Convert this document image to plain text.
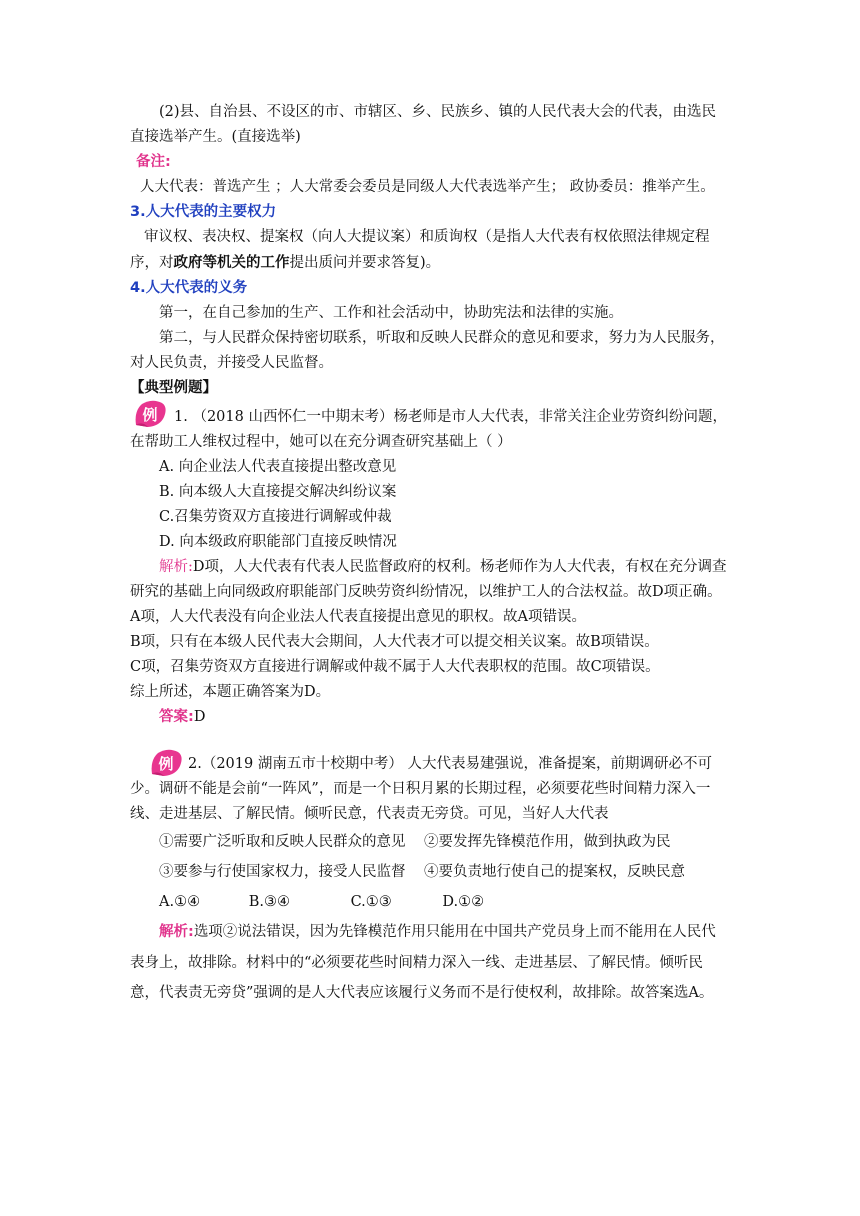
(2)县、自治县、不设区的市、市辖区、乡、民族乡、镇的人民代表大会的代表，由选民直接选举产生。(直接选举)

备注:

人大代表：普选产生 ；人大常委会委员是同级人大代表选举产生； 政协委员：推举产生。

3.人大代表的主要权力

审议权、表决权、提案权（向人大提议案）和质询权（是指人大代表有权依照法律规定程序，对政府等机关的工作提出质问并要求答复)。

4.人大代表的义务

第一，在自己参加的生产、工作和社会活动中，协助宪法和法律的实施。

第二，与人民群众保持密切联系，听取和反映人民群众的意见和要求，努力为人民服务，对人民负责，并接受人民监督。

【典型例题】

例	1. （2018 山西怀仁一中期末考）杨老师是市人大代表，非常关注企业劳资纠纷问题，在帮助工人维权过程中，她可以在充分调查研究基础上（ ）

A. 向企业法人代表直接提出整改意见

B. 向本级人大直接提交解决纠纷议案

C.召集劳资双方直接进行调解或仲裁

D. 向本级政府职能部门直接反映情况

解析:D项，人大代表有代表人民监督政府的权利。杨老师作为人大代表，有权在充分调查研究的基础上向同级政府职能部门反映劳资纠纷情况，以维护工人的合法权益。故D项正确。

A项，人大代表没有向企业法人代表直接提出意见的职权。故A项错误。

B项，只有在本级人民代表大会期间，人大代表才可以提交相关议案。故B项错误。

C项，召集劳资双方直接进行调解或仲裁不属于人大代表职权的范围。故C项错误。

综上所述，本题正确答案为D。

答案:D

例 2.（2019 湖南五市十校期中考） 人大代表易建强说，准备提案，前期调研必不可少。调研不能是会前“一阵风”，而是一个日积月累的长期过程，必须要花些时间精力深入一线、走进基层、了解民情。倾听民意，代表责无旁贷。可见，当好人大代表

①需要广泛听取和反映人民群众的意见	②要发挥先锋模范作用，做到执政为民

③要参与行使国家权力，接受人民监督	④要负责地行使自己的提案权，反映民意

A.①④	B.③④	C.①③	D.①②

解析:选项②说法错误，因为先锋模范作用只能用在中国共产党员身上而不能用在人民代表身上，故排除。材料中的“必须要花些时间精力深入一线、走进基层、了解民情。倾听民意，代表责无旁贷”强调的是人大代表应该履行义务而不是行使权利，故排除。故答案选A。
